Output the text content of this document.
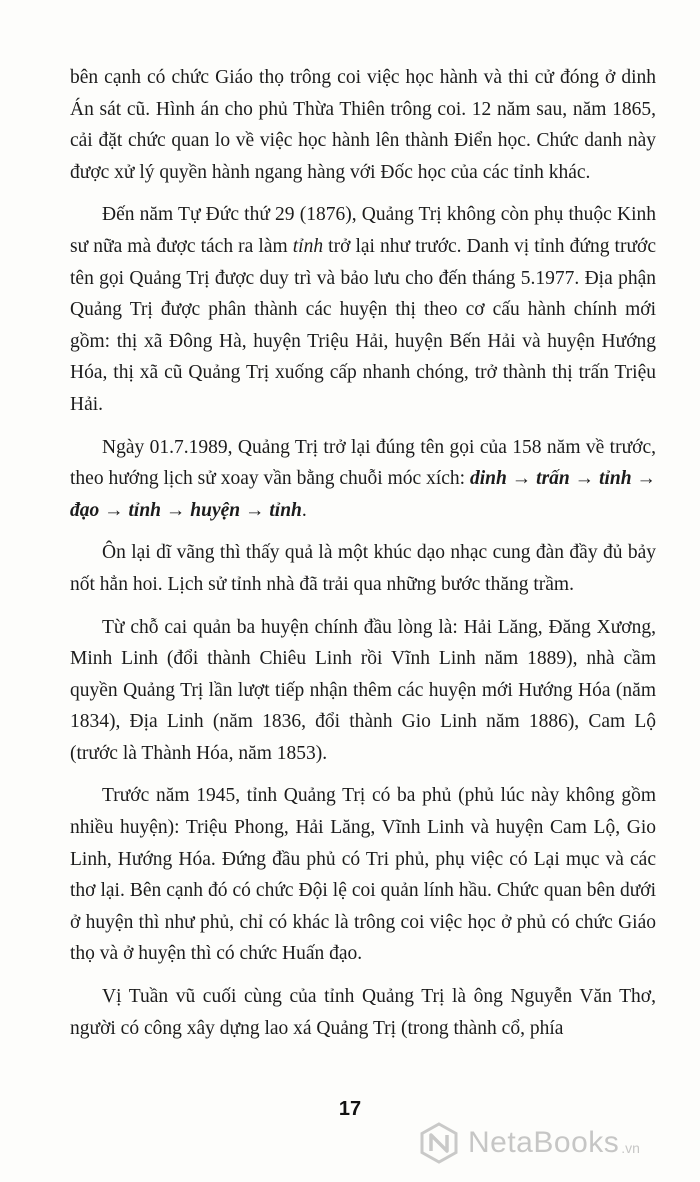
bên cạnh có chức Giáo thọ trông coi việc học hành và thi cử đóng ở dinh Án sát cũ. Hình án cho phủ Thừa Thiên trông coi. 12 năm sau, năm 1865, cải đặt chức quan lo về việc học hành lên thành Điển học. Chức danh này được xử lý quyền hành ngang hàng với Đốc học của các tỉnh khác.

Đến năm Tự Đức thứ 29 (1876), Quảng Trị không còn phụ thuộc Kinh sư nữa mà được tách ra làm tỉnh trở lại như trước. Danh vị tỉnh đứng trước tên gọi Quảng Trị được duy trì và bảo lưu cho đến tháng 5.1977. Địa phận Quảng Trị được phân thành các huyện thị theo cơ cấu hành chính mới gồm: thị xã Đông Hà, huyện Triệu Hải, huyện Bến Hải và huyện Hướng Hóa, thị xã cũ Quảng Trị xuống cấp nhanh chóng, trở thành thị trấn Triệu Hải.

Ngày 01.7.1989, Quảng Trị trở lại đúng tên gọi của 158 năm về trước, theo hướng lịch sử xoay vần bằng chuỗi móc xích: dinh → trấn → tỉnh → đạo → tỉnh → huyện → tỉnh.

Ôn lại dĩ vãng thì thấy quả là một khúc dạo nhạc cung đàn đầy đủ bảy nốt hẳn hoi. Lịch sử tỉnh nhà đã trải qua những bước thăng trầm.

Từ chỗ cai quản ba huyện chính đầu lòng là: Hải Lăng, Đăng Xương, Minh Linh (đổi thành Chiêu Linh rồi Vĩnh Linh năm 1889), nhà cầm quyền Quảng Trị lần lượt tiếp nhận thêm các huyện mới Hướng Hóa (năm 1834), Địa Linh (năm 1836, đổi thành Gio Linh năm 1886), Cam Lộ (trước là Thành Hóa, năm 1853).

Trước năm 1945, tỉnh Quảng Trị có ba phủ (phủ lúc này không gồm nhiều huyện): Triệu Phong, Hải Lăng, Vĩnh Linh và huyện Cam Lộ, Gio Linh, Hướng Hóa. Đứng đầu phủ có Tri phủ, phụ việc có Lại mục và các thơ lại. Bên cạnh đó có chức Đội lệ coi quản lính hầu. Chức quan bên dưới ở huyện thì như phủ, chỉ có khác là trông coi việc học ở phủ có chức Giáo thọ và ở huyện thì có chức Huấn đạo.

Vị Tuần vũ cuối cùng của tỉnh Quảng Trị là ông Nguyễn Văn Thơ, người có công xây dựng lao xá Quảng Trị (trong thành cổ, phía

17
NetaBooks .vn
